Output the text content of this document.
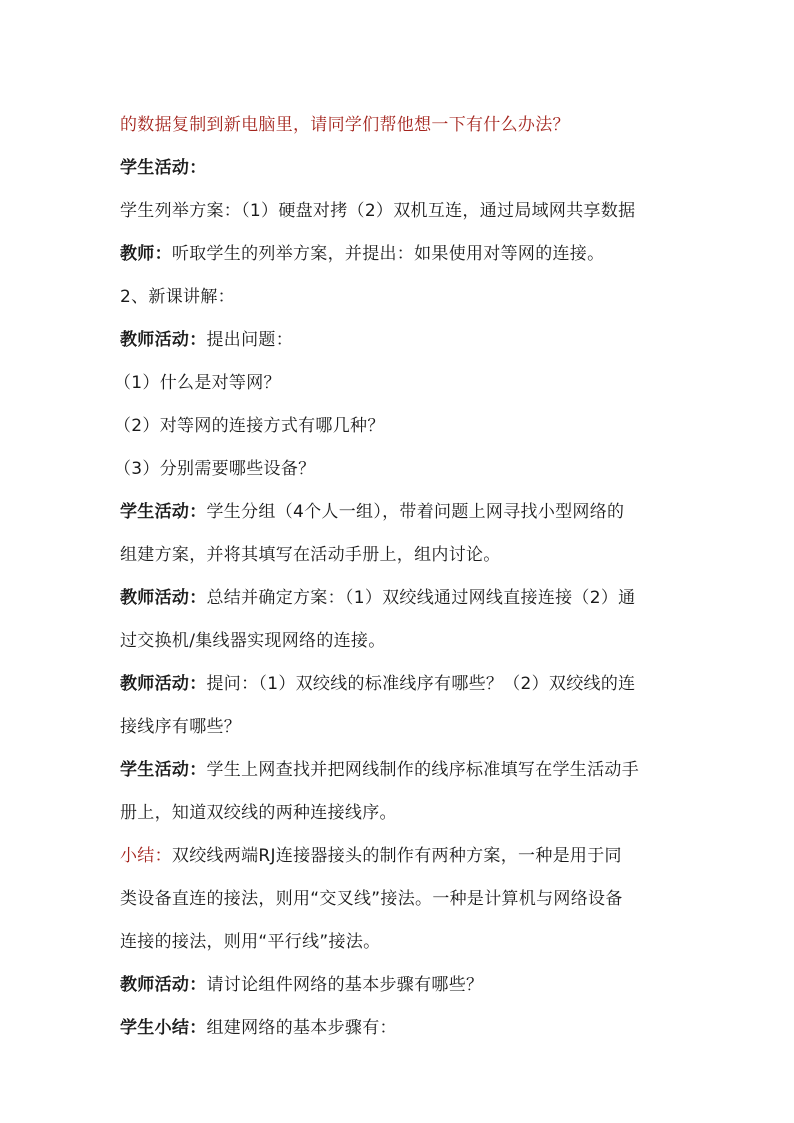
的数据复制到新电脑里，请同学们帮他想一下有什么办法？
学生活动：
学生列举方案：（1）硬盘对拷（2）双机互连，通过局域网共享数据
教师：听取学生的列举方案，并提出：如果使用对等网的连接。
2、新课讲解：
教师活动：提出问题：
（1）什么是对等网？
（2）对等网的连接方式有哪几种？
（3）分别需要哪些设备？
学生活动：学生分组（4个人一组），带着问题上网寻找小型网络的
组建方案，并将其填写在活动手册上，组内讨论。
教师活动：总结并确定方案：（1）双绞线通过网线直接连接（2）通
过交换机/集线器实现网络的连接。
教师活动：提问：（1）双绞线的标准线序有哪些？（2）双绞线的连
接线序有哪些？
学生活动：学生上网查找并把网线制作的线序标准填写在学生活动手
册上，知道双绞线的两种连接线序。
小结：双绞线两端RJ连接器接头的制作有两种方案，一种是用于同
类设备直连的接法，则用“交叉线”接法。一种是计算机与网络设备
连接的接法，则用“平行线”接法。
教师活动：请讨论组件网络的基本步骤有哪些？
学生小结：组建网络的基本步骤有：
